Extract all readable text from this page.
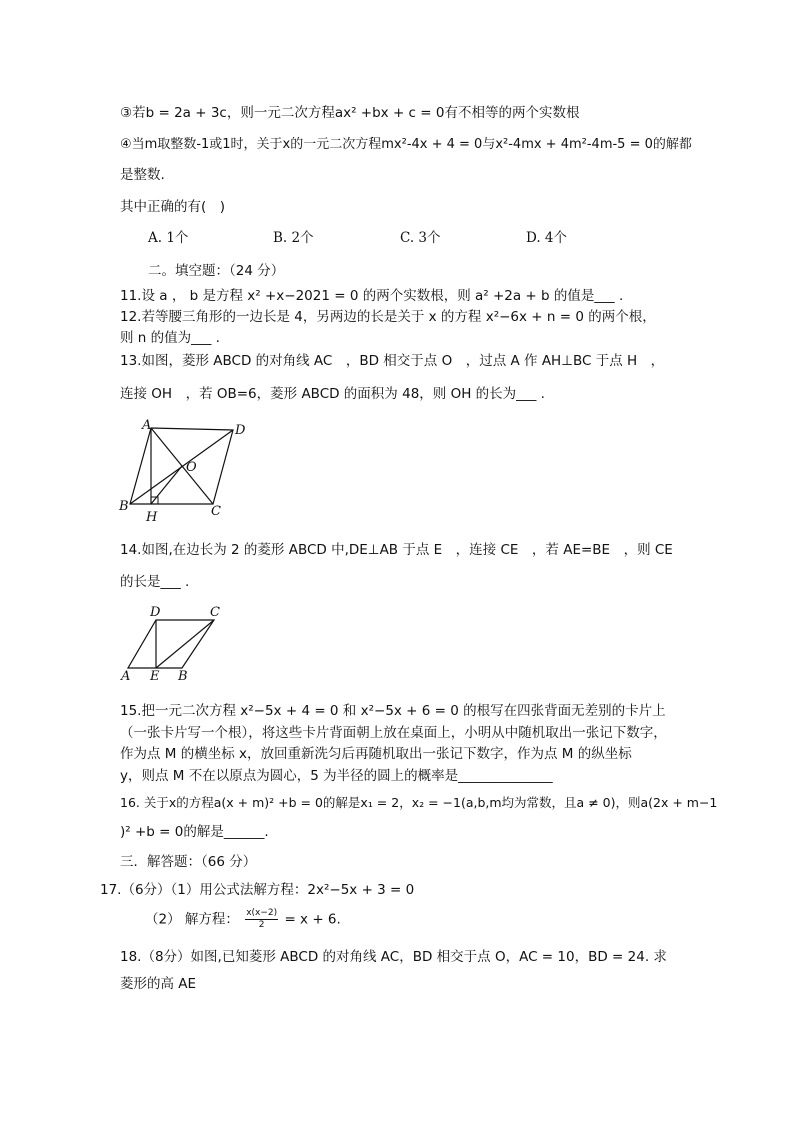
③若b = 2a + 3c，则一元二次方程ax² +bx + c = 0有不相等的两个实数根
④当m取整数-1或1时，关于x的一元二次方程mx²-4x + 4 = 0与x²-4mx + 4m²-4m-5 = 0的解都
是整数.
其中正确的有(　)
A. 1个	B. 2个	C. 3个	D. 4个
二。填空题：（24 分）
11.设 a ， b 是方程 x² +x−2021 = 0 的两个实数根，则 a² +2a + b 的值是___ .
12.若等腰三角形的一边长是 4，另两边的长是关于 x 的方程 x²−6x + n = 0 的两个根，
则 n 的值为___ .
13.如图，菱形 ABCD 的对角线 AC　，BD 相交于点 O　，过点 A 作 AH⊥BC 于点 H　，
连接 OH　，若 OB=6，菱形 ABCD 的面积为 48，则 OH 的长为___ .
A	D
O
B
H	C
14.如图,在边长为 2 的菱形 ABCD 中,DE⊥AB 于点 E　，连接 CE　，若 AE=BE　，则 CE
的长是___ .
D	C
A E B
15.把一元二次方程 x²−5x + 4 = 0 和 x²−5x + 6 = 0 的根写在四张背面无差别的卡片上
（一张卡片写一个根），将这些卡片背面朝上放在桌面上，小明从中随机取出一张记下数字，
作为点 M 的横坐标 x，放回重新洗匀后再随机取出一张记下数字，作为点 M 的纵坐标
y，则点 M 不在以原点为圆心，5 为半径的圆上的概率是______________
16. 关于x的方程a(x + m)² +b = 0的解是x₁ = 2，x₂ = −1(a,b,m均为常数，且a ≠ 0)，则a(2x + m−1
)² +b = 0的解是______.
三．解答题：（66 分）
17.（6分）（1）用公式法解方程：2x²−5x + 3 = 0
（2） 解方程： $\frac{x(x-2)}{2} = x + 6$.
18.（8分）如图,已知菱形 ABCD 的对角线 AC，BD 相交于点 O，AC = 10，BD = 24. 求
菱形的高 AE
